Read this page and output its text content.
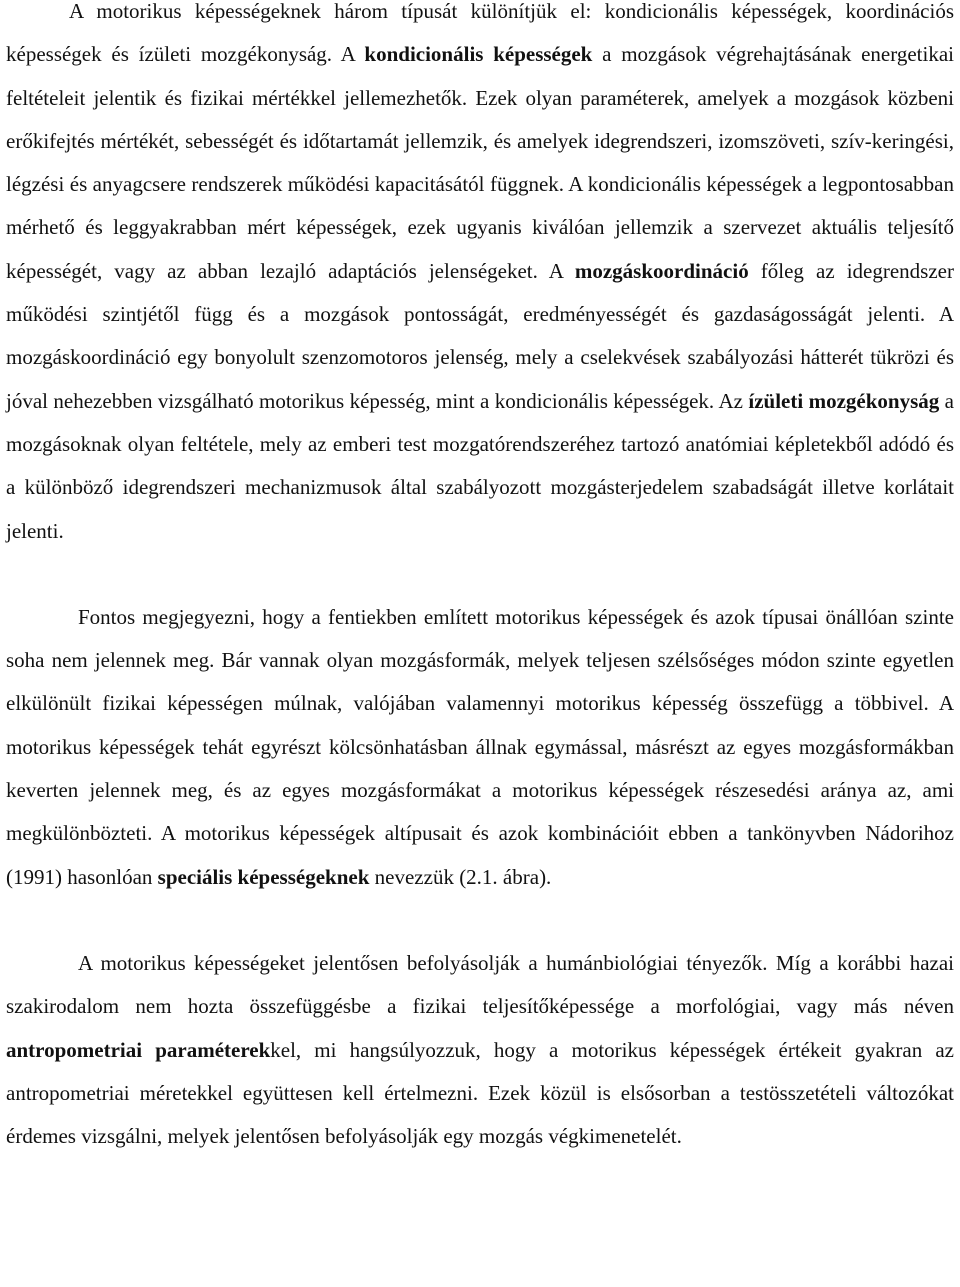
A motorikus képességeknek három típusát különítjük el: kondicionális képességek, koordinációs képességek és ízületi mozgékonyság. A kondicionális képességek a mozgások végrehajtásának energetikai feltételeit jelentik és fizikai mértékkel jellemezhetők. Ezek olyan paraméterek, amelyek a mozgások közbeni erőkifejtés mértékét, sebességét és időtartamát jellemzik, és amelyek idegrendszeri, izomszöveti, szív-keringési, légzési és anyagcsere rendszerek működési kapacitásától függnek. A kondicionális képességek a legpontosabban mérhető és leggyakrabban mért képességek, ezek ugyanis kiválóan jellemzik a szervezet aktuális teljesítő képességét, vagy az abban lezajló adaptációs jelenségeket. A mozgáskoordináció főleg az idegrendszer működési szintjétől függ és a mozgások pontosságát, eredményességét és gazdaságosságát jelenti. A mozgáskoordináció egy bonyolult szenzomotoros jelenség, mely a cselekvések szabályozási hátterét tükrözi és jóval nehezebben vizsgálható motorikus képesség, mint a kondicionális képességek. Az ízületi mozgékonyság a mozgásoknak olyan feltétele, mely az emberi test mozgatórendszeréhez tartozó anatómiai képletekből adódó és a különböző idegrendszeri mechanizmusok által szabályozott mozgásterjedelem szabadságát illetve korlátait jelenti.

Fontos megjegyezni, hogy a fentiekben említett motorikus képességek és azok típusai önállóan szinte soha nem jelennek meg. Bár vannak olyan mozgásformák, melyek teljesen szélsőséges módon szinte egyetlen elkülönült fizikai képességen múlnak, valójában valamennyi motorikus képesség összefügg a többivel. A motorikus képességek tehát egyrészt kölcsönhatásban állnak egymással, másrészt az egyes mozgásformákban keverten jelennek meg, és az egyes mozgásformákat a motorikus képességek részesedési aránya az, ami megkülönbözteti. A motorikus képességek altípusait és azok kombinációit ebben a tankönyvben Nádorihoz (1991) hasonlóan speciális képességeknek nevezzük (2.1. ábra).

A motorikus képességeket jelentősen befolyásolják a humánbiológiai tényezők. Míg a korábbi hazai szakirodalom nem hozta összefüggésbe a fizikai teljesítőképessége a morfológiai, vagy más néven antropometriai paraméterekkel, mi hangsúlyozzuk, hogy a motorikus képességek értékeit gyakran az antropometriai méretekkel együttesen kell értelmezni. Ezek közül is elsősorban a testösszetételi változókat érdemes vizsgálni, melyek jelentősen befolyásolják egy mozgás végkimenetelét.
